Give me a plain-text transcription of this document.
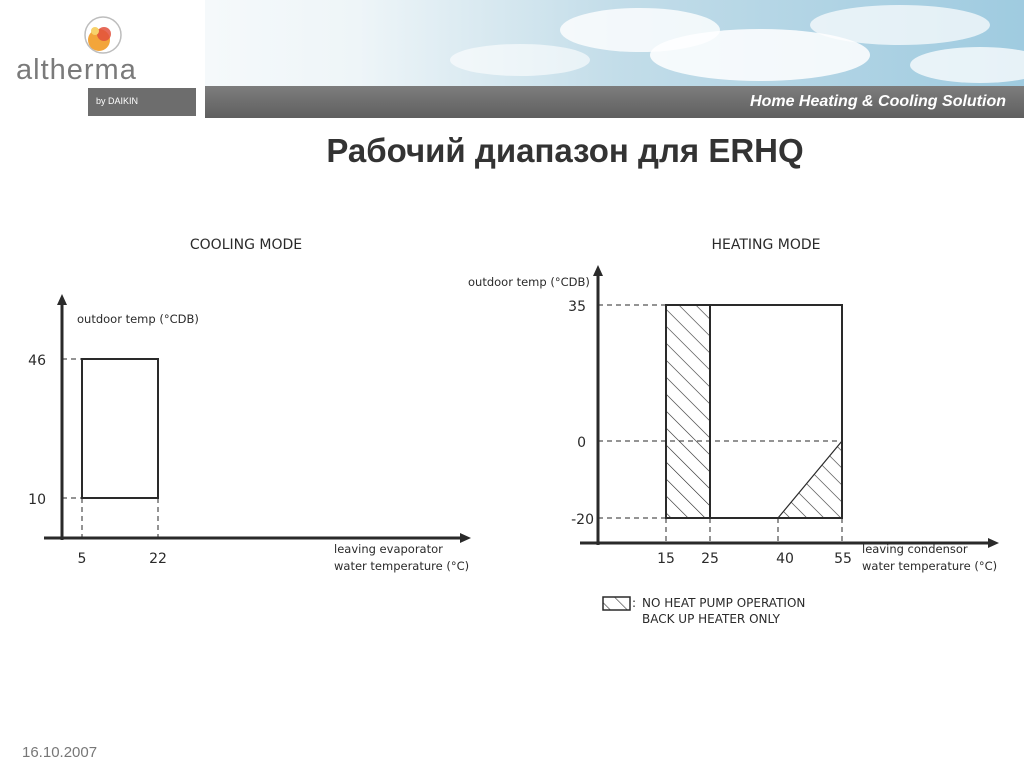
altherma
Home Heating & Cooling Solution
by DAIKIN
Рабочий диапазон для ERHQ
COOLING MODE
outdoor temp (°CDB)
46
10
5	22
leaving evaporator
water temperature (°C)
HEATING MODE
outdoor temp (°CDB)
35
0
-20
15 25	40	55
leaving condensor
water temperature (°C)
: NO HEAT PUMP OPERATION
BACK UP HEATER ONLY
16.10.2007
